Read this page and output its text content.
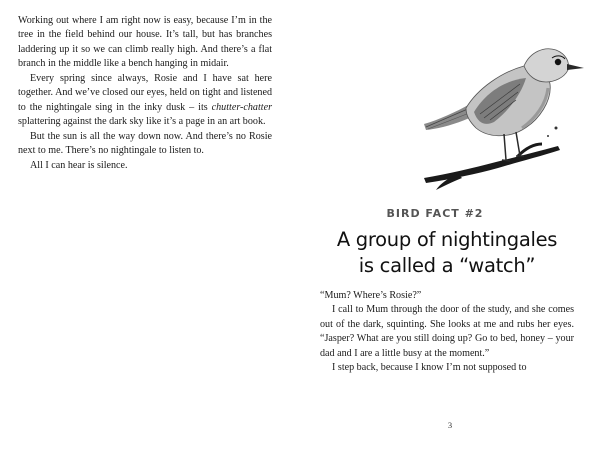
Working out where I am right now is easy, because I’m in the tree in the field behind our house. It’s tall, but has branches laddering up it so we can climb really high. And there’s a flat branch in the middle like a bench hanging in midair.

Every spring since always, Rosie and I have sat here together. And we’ve closed our eyes, held on tight and listened to the nightingale sing in the inky dusk – its chutter-chatter splattering against the dark sky like it’s a page in an art book.

But the sun is all the way down now. And there’s no Rosie next to me. There’s no nightingale to listen to.

All I can hear is silence.

BIRD FACT #2
A group of nightingales
is called a “watch”

“Mum? Where’s Rosie?”

I call to Mum through the door of the study, and she comes out of the dark, squinting. She looks at me and rubs her eyes. “Jasper? What are you still doing up? Go to bed, honey – your dad and I are a little busy at the moment.”

I step back, because I know I’m not supposed to

3
